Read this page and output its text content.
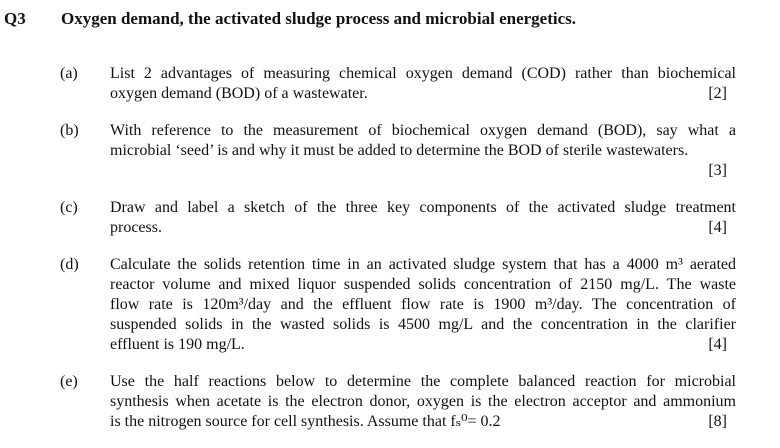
Q3 Oxygen demand, the activated sludge process and microbial energetics.
(a) List 2 advantages of measuring chemical oxygen demand (COD) rather than biochemical
oxygen demand (BOD) of a wastewater.	[2]
(b) With reference to the measurement of biochemical oxygen demand (BOD), say what a
microbial ‘seed’ is and why it must be added to determine the BOD of sterile wastewaters.
[3]
(c) Draw and label a sketch of the three key components of the activated sludge treatment
process.	[4]
(d) Calculate the solids retention time in an activated sludge system that has a 4000 m³ aerated
reactor volume and mixed liquor suspended solids concentration of 2150 mg/L. The waste
flow rate is 120m³/day and the effluent flow rate is 1900 m³/day. The concentration of
suspended solids in the wasted solids is 4500 mg/L and the concentration in the clarifier
effluent is 190 mg/L.	[4]
(e) Use the half reactions below to determine the complete balanced reaction for microbial
synthesis when acetate is the electron donor, oxygen is the electron acceptor and ammonium
is the nitrogen source for cell synthesis. Assume that fₛ⁰= 0.2	[8]
